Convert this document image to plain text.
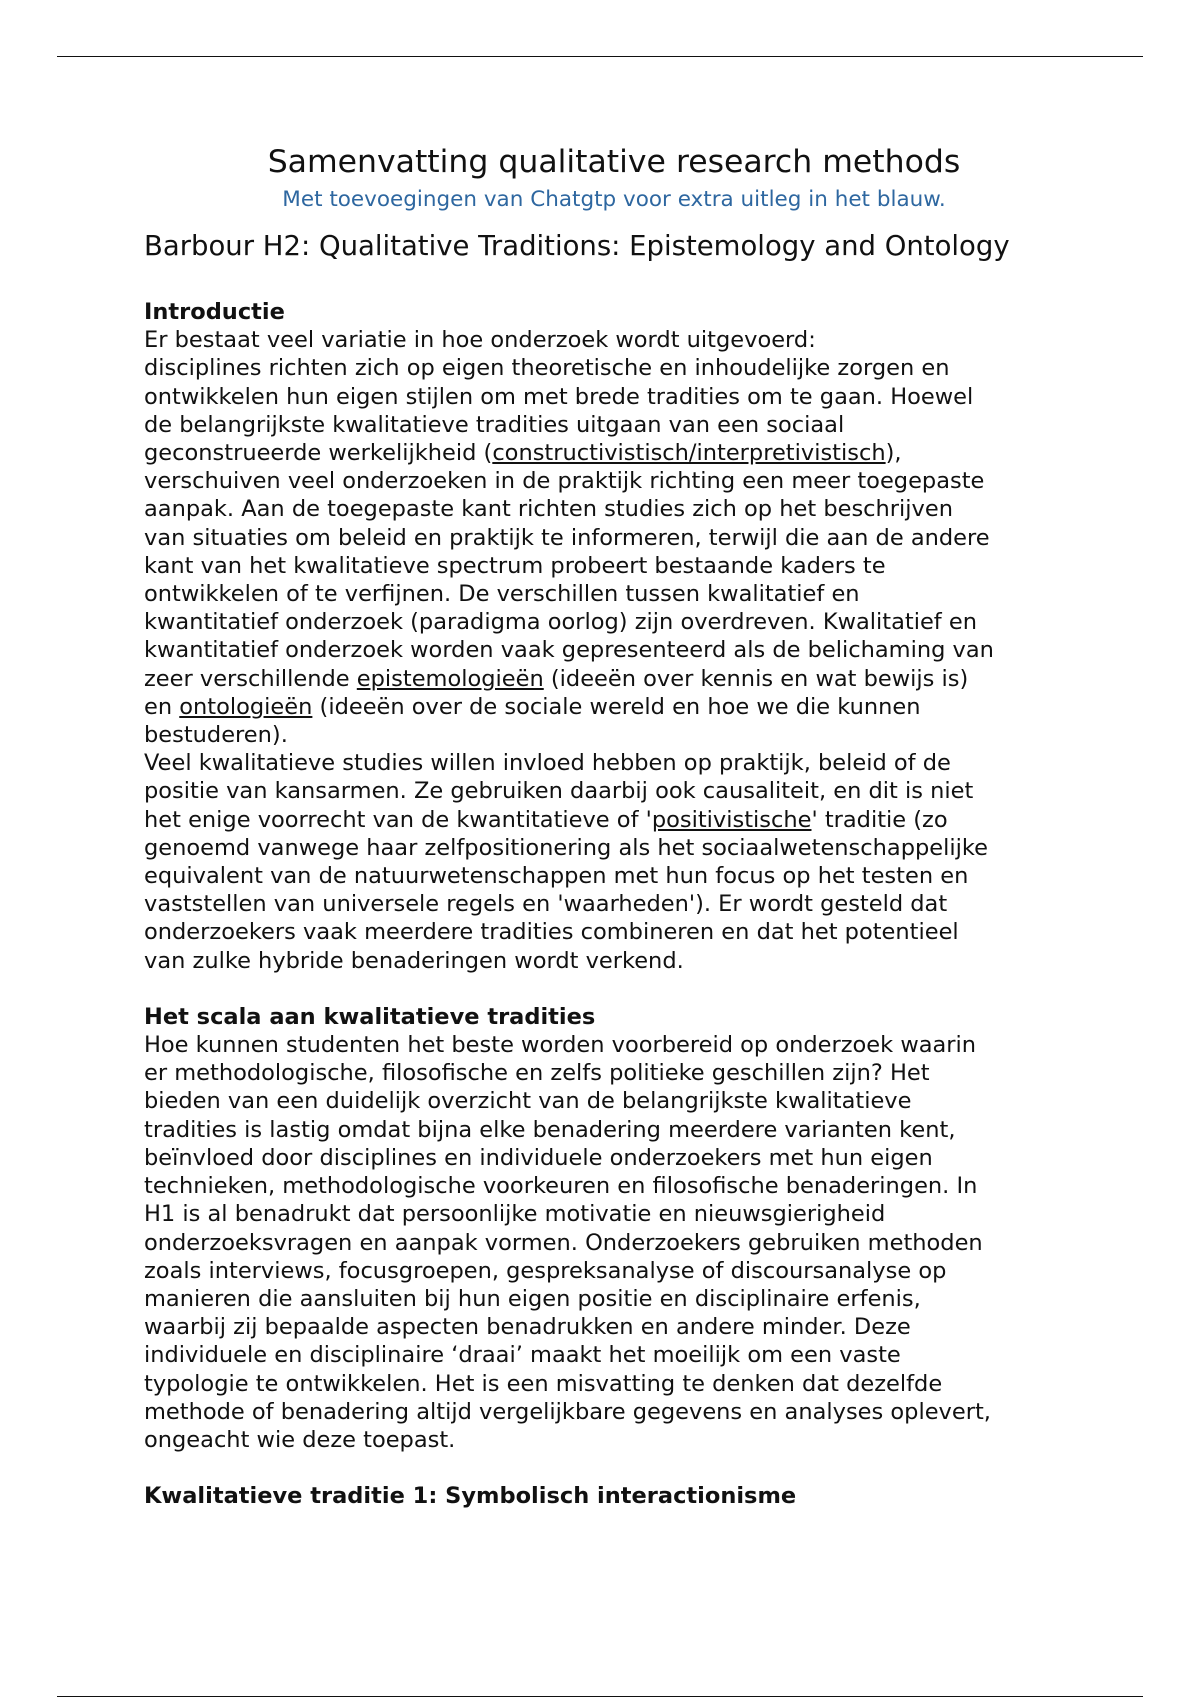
Samenvatting qualitative research methods
Met toevoegingen van Chatgtp voor extra uitleg in het blauw.
Barbour H2: Qualitative Traditions: Epistemology and Ontology
Introductie

Er bestaat veel variatie in hoe onderzoek wordt uitgevoerd:
disciplines richten zich op eigen theoretische en inhoudelijke zorgen en
ontwikkelen hun eigen stijlen om met brede tradities om te gaan. Hoewel
de belangrijkste kwalitatieve tradities uitgaan van een sociaal
geconstrueerde werkelijkheid (constructivistisch/interpretivistisch),
verschuiven veel onderzoeken in de praktijk richting een meer toegepaste
aanpak. Aan de toegepaste kant richten studies zich op het beschrijven
van situaties om beleid en praktijk te informeren, terwijl die aan de andere
kant van het kwalitatieve spectrum probeert bestaande kaders te
ontwikkelen of te verfijnen. De verschillen tussen kwalitatief en
kwantitatief onderzoek (paradigma oorlog) zijn overdreven. Kwalitatief en
kwantitatief onderzoek worden vaak gepresenteerd als de belichaming van
zeer verschillende epistemologieën (ideeën over kennis en wat bewijs is)
en ontologieën (ideeën over de sociale wereld en hoe we die kunnen
bestuderen).

Veel kwalitatieve studies willen invloed hebben op praktijk, beleid of de
positie van kansarmen. Ze gebruiken daarbij ook causaliteit, en dit is niet
het enige voorrecht van de kwantitatieve of 'positivistische' traditie (zo
genoemd vanwege haar zelfpositionering als het sociaalwetenschappelijke
equivalent van de natuurwetenschappen met hun focus op het testen en
vaststellen van universele regels en 'waarheden'). Er wordt gesteld dat
onderzoekers vaak meerdere tradities combineren en dat het potentieel
van zulke hybride benaderingen wordt verkend.

Het scala aan kwalitatieve tradities

Hoe kunnen studenten het beste worden voorbereid op onderzoek waarin
er methodologische, filosofische en zelfs politieke geschillen zijn? Het
bieden van een duidelijk overzicht van de belangrijkste kwalitatieve
tradities is lastig omdat bijna elke benadering meerdere varianten kent,
beïnvloed door disciplines en individuele onderzoekers met hun eigen
technieken, methodologische voorkeuren en filosofische benaderingen. In
H1 is al benadrukt dat persoonlijke motivatie en nieuwsgierigheid
onderzoeksvragen en aanpak vormen. Onderzoekers gebruiken methoden
zoals interviews, focusgroepen, gespreksanalyse of discoursanalyse op
manieren die aansluiten bij hun eigen positie en disciplinaire erfenis,
waarbij zij bepaalde aspecten benadrukken en andere minder. Deze
individuele en disciplinaire ‘draai’ maakt het moeilijk om een vaste
typologie te ontwikkelen. Het is een misvatting te denken dat dezelfde
methode of benadering altijd vergelijkbare gegevens en analyses oplevert,
ongeacht wie deze toepast.

Kwalitatieve traditie 1: Symbolisch interactionisme
